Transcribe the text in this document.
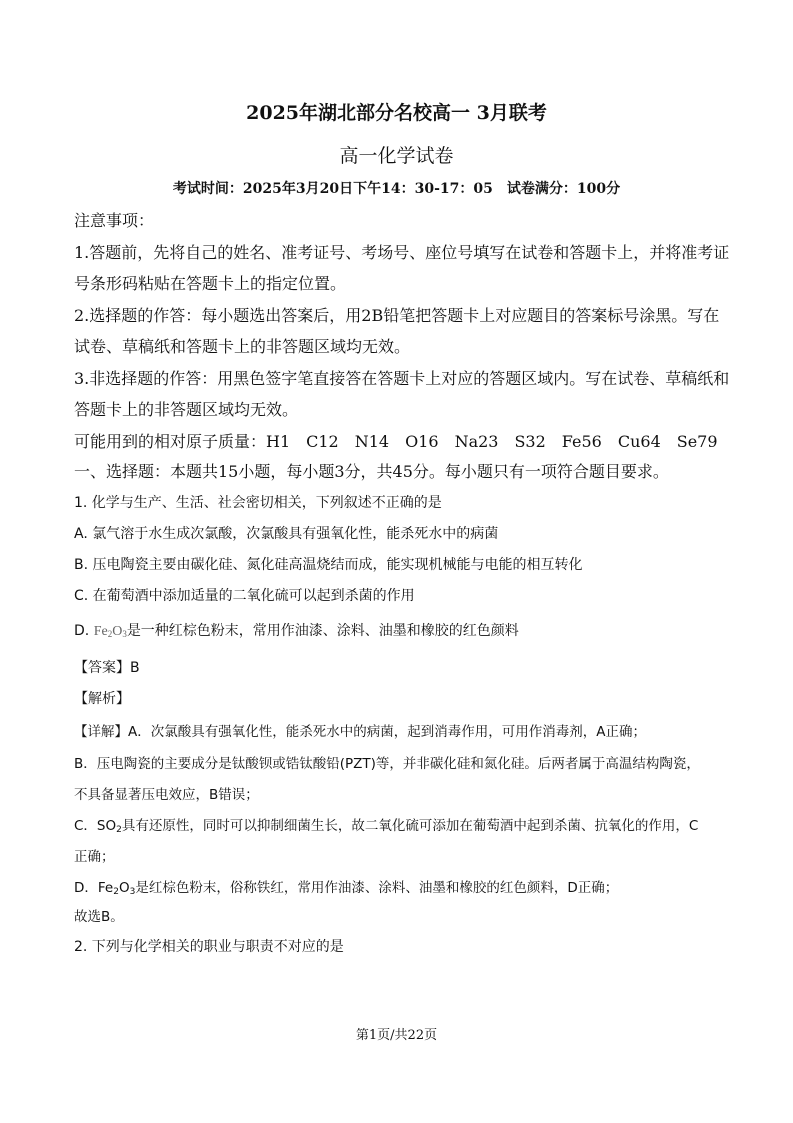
2025年湖北部分名校高一 3月联考
高一化学试卷
考试时间：2025年3月20日下午14：30-17：05　试卷满分：100分
注意事项：
1.答题前，先将自己的姓名、准考证号、考场号、座位号填写在试卷和答题卡上，并将准考证
号条形码粘贴在答题卡上的指定位置。
2.选择题的作答：每小题选出答案后，用2B铅笔把答题卡上对应题目的答案标号涂黑。写在
试卷、草稿纸和答题卡上的非答题区域均无效。
3.非选择题的作答：用黑色签字笔直接答在答题卡上对应的答题区域内。写在试卷、草稿纸和
答题卡上的非答题区域均无效。
可能用到的相对原子质量：H1　C12　N14　O16　Na23　S32　Fe56　Cu64　Se79
一、选择题：本题共15小题，每小题3分，共45分。每小题只有一项符合题目要求。
1. 化学与生产、生活、社会密切相关，下列叙述不正确的是
A. 氯气溶于水生成次氯酸，次氯酸具有强氧化性，能杀死水中的病菌
B. 压电陶瓷主要由碳化硅、氮化硅高温烧结而成，能实现机械能与电能的相互转化
C. 在葡萄酒中添加适量的二氧化硫可以起到杀菌的作用
D. $Fe_2O_3$是一种红棕色粉末，常用作油漆、涂料、油墨和橡胶的红色颜料
【答案】B
【解析】
【详解】A．次氯酸具有强氧化性，能杀死水中的病菌，起到消毒作用，可用作消毒剂，A正确；
B．压电陶瓷的主要成分是钛酸钡或锆钛酸铅(PZT)等，并非碳化硅和氮化硅。后两者属于高温结构陶瓷，
不具备显著压电效应，B错误；
C．$SO_2$具有还原性，同时可以抑制细菌生长，故二氧化硫可添加在葡萄酒中起到杀菌、抗氧化的作用，C
正确；
D．$Fe_2O_3$是红棕色粉末，俗称铁红，常用作油漆、涂料、油墨和橡胶的红色颜料，D正确；
故选B。
2. 下列与化学相关的职业与职责不对应的是
第1页/共22页
